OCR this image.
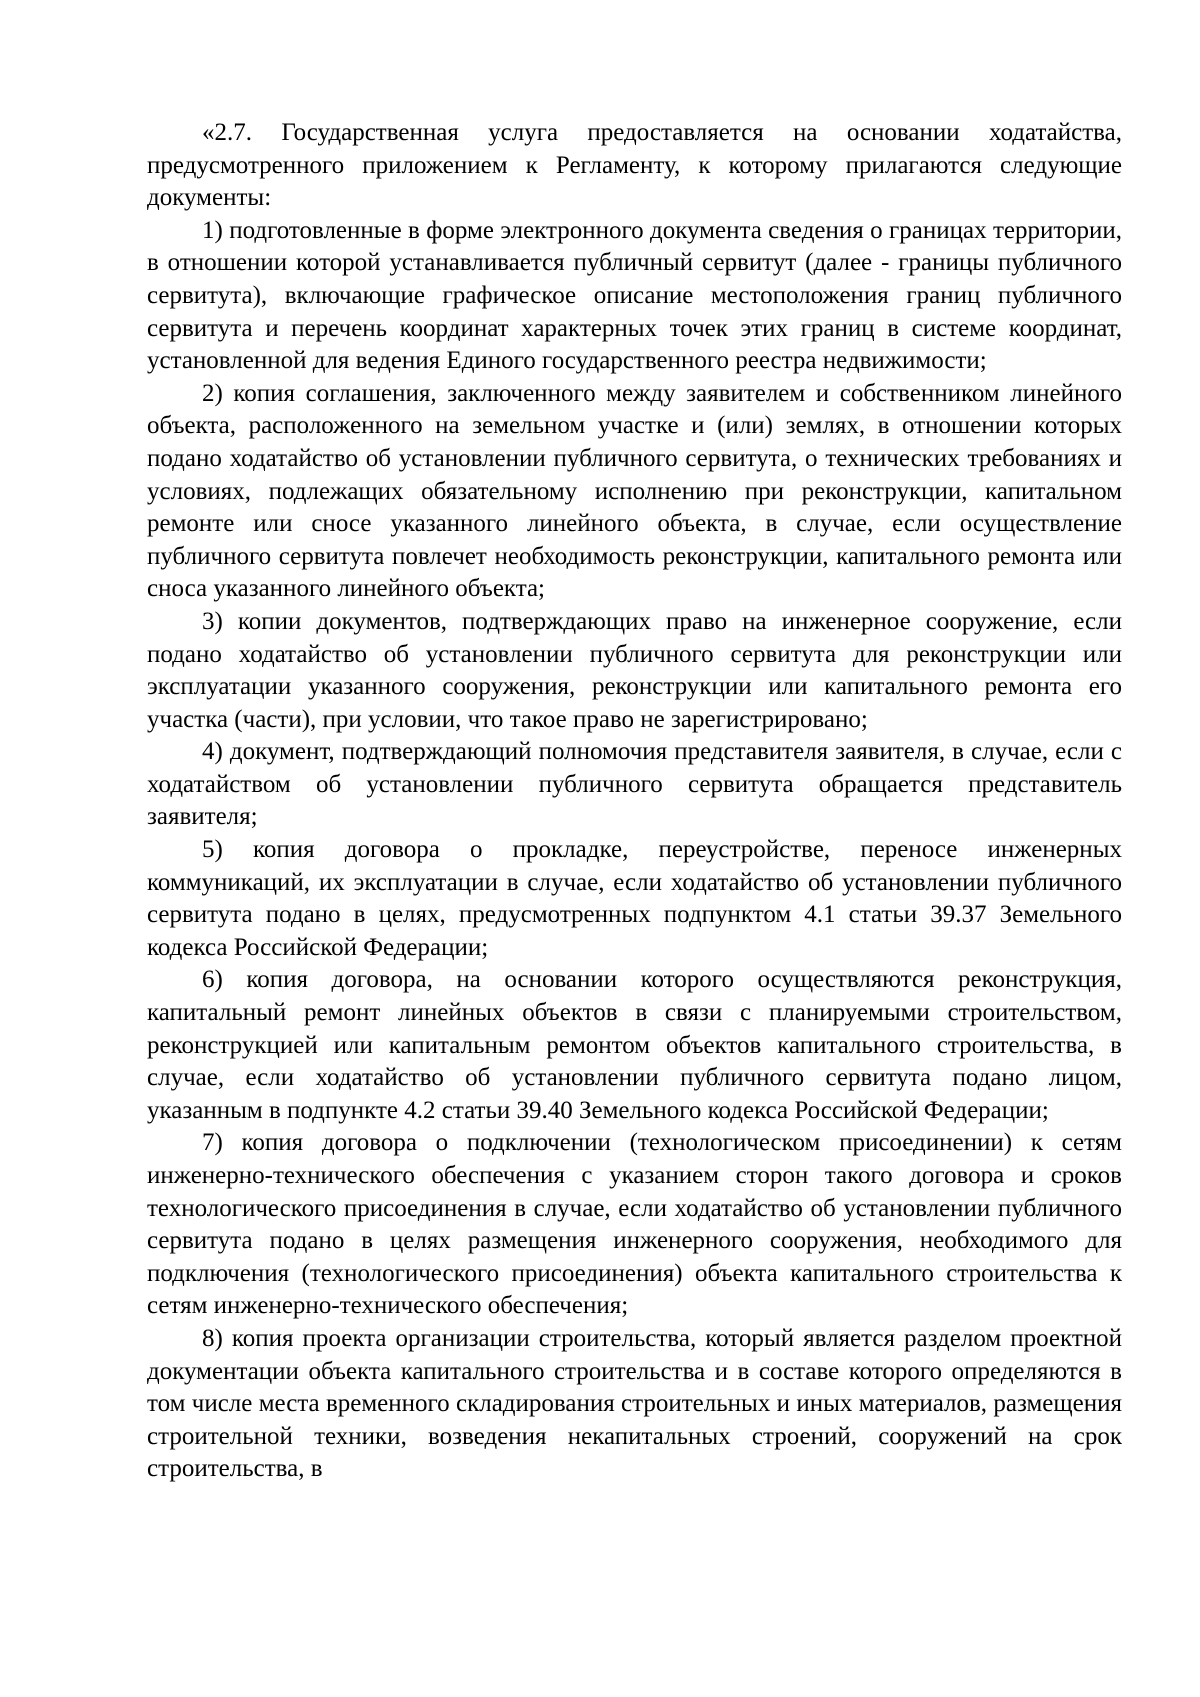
«2.7. Государственная услуга предоставляется на основании ходатайства, предусмотренного приложением к Регламенту, к которому прилагаются следующие документы:

1) подготовленные в форме электронного документа сведения о границах территории, в отношении которой устанавливается публичный сервитут (далее - границы публичного сервитута), включающие графическое описание местоположения границ публичного сервитута и перечень координат характерных точек этих границ в системе координат, установленной для ведения Единого государственного реестра недвижимости;

2) копия соглашения, заключенного между заявителем и собственником линейного объекта, расположенного на земельном участке и (или) землях, в отношении которых подано ходатайство об установлении публичного сервитута, о технических требованиях и условиях, подлежащих обязательному исполнению при реконструкции, капитальном ремонте или сносе указанного линейного объекта, в случае, если осуществление публичного сервитута повлечет необходимость реконструкции, капитального ремонта или сноса указанного линейного объекта;

3) копии документов, подтверждающих право на инженерное сооружение, если подано ходатайство об установлении публичного сервитута для реконструкции или эксплуатации указанного сооружения, реконструкции или капитального ремонта его участка (части), при условии, что такое право не зарегистрировано;

4) документ, подтверждающий полномочия представителя заявителя, в случае, если с ходатайством об установлении публичного сервитута обращается представитель заявителя;

5) копия договора о прокладке, переустройстве, переносе инженерных коммуникаций, их эксплуатации в случае, если ходатайство об установлении публичного сервитута подано в целях, предусмотренных подпунктом 4.1 статьи 39.37 Земельного кодекса Российской Федерации;

6) копия договора, на основании которого осуществляются реконструкция, капитальный ремонт линейных объектов в связи с планируемыми строительством, реконструкцией или капитальным ремонтом объектов капитального строительства, в случае, если ходатайство об установлении публичного сервитута подано лицом, указанным в подпункте 4.2 статьи 39.40 Земельного кодекса Российской Федерации;

7) копия договора о подключении (технологическом присоединении) к сетям инженерно-технического обеспечения с указанием сторон такого договора и сроков технологического присоединения в случае, если ходатайство об установлении публичного сервитута подано в целях размещения инженерного сооружения, необходимого для подключения (технологического присоединения) объекта капитального строительства к сетям инженерно-технического обеспечения;

8) копия проекта организации строительства, который является разделом проектной документации объекта капитального строительства и в составе которого определяются в том числе места временного складирования строительных и иных материалов, размещения строительной техники, возведения некапитальных строений, сооружений на срок строительства, в
